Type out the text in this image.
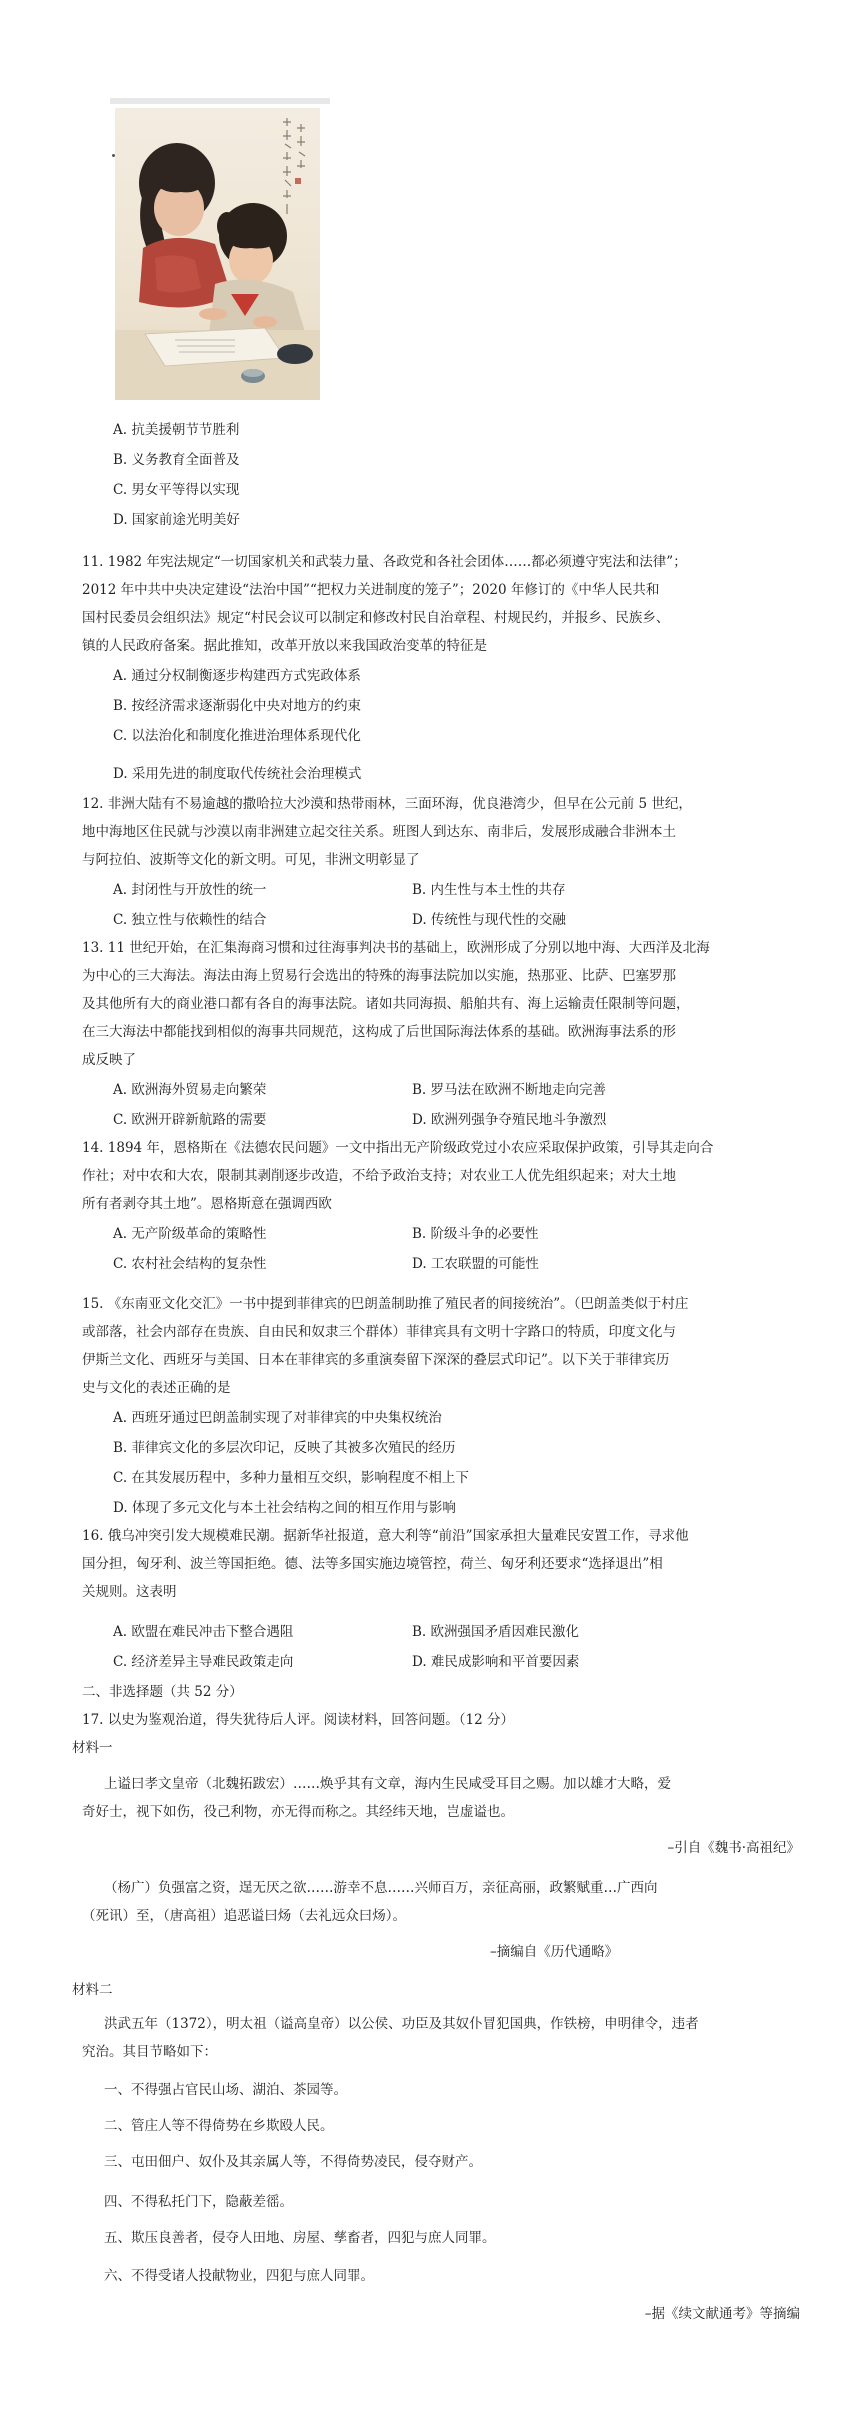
A. 抗美援朝节节胜利
B. 义务教育全面普及
C. 男女平等得以实现
D. 国家前途光明美好
11. 1982 年宪法规定“一切国家机关和武装力量、各政党和各社会团体……都必须遵守宪法和法律”；
2012 年中共中央决定建设“法治中国”“把权力关进制度的笼子”；2020 年修订的《中华人民共和
国村民委员会组织法》规定“村民会议可以制定和修改村民自治章程、村规民约，并报乡、民族乡、
镇的人民政府备案。据此推知，改革开放以来我国政治变革的特征是
A. 通过分权制衡逐步构建西方式宪政体系
B. 按经济需求逐渐弱化中央对地方的约束
C. 以法治化和制度化推进治理体系现代化
D. 采用先进的制度取代传统社会治理模式
12. 非洲大陆有不易逾越的撒哈拉大沙漠和热带雨林，三面环海，优良港湾少，但早在公元前 5 世纪，
地中海地区住民就与沙漠以南非洲建立起交往关系。班图人到达东、南非后，发展形成融合非洲本土
与阿拉伯、波斯等文化的新文明。可见，非洲文明彰显了
A. 封闭性与开放性的统一	B. 内生性与本土性的共存
C. 独立性与依赖性的结合	D. 传统性与现代性的交融
13. 11 世纪开始，在汇集海商习惯和过往海事判决书的基础上，欧洲形成了分别以地中海、大西洋及北海
为中心的三大海法。海法由海上贸易行会选出的特殊的海事法院加以实施，热那亚、比萨、巴塞罗那
及其他所有大的商业港口都有各自的海事法院。诸如共同海损、船舶共有、海上运输责任限制等问题，
在三大海法中都能找到相似的海事共同规范，这构成了后世国际海法体系的基础。欧洲海事法系的形
成反映了
A. 欧洲海外贸易走向繁荣	B. 罗马法在欧洲不断地走向完善
C. 欧洲开辟新航路的需要	D. 欧洲列强争夺殖民地斗争激烈
14. 1894 年，恩格斯在《法德农民问题》一文中指出无产阶级政党过小农应采取保护政策，引导其走向合
作社；对中农和大农，限制其剥削逐步改造，不给予政治支持；对农业工人优先组织起来；对大土地
所有者剥夺其土地”。恩格斯意在强调西欧
A. 无产阶级革命的策略性	B. 阶级斗争的必要性
C. 农村社会结构的复杂性	D. 工农联盟的可能性
15. 《东南亚文化交汇》一书中提到菲律宾的巴朗盖制助推了殖民者的间接统治”。（巴朗盖类似于村庄
或部落，社会内部存在贵族、自由民和奴隶三个群体）菲律宾具有文明十字路口的特质，印度文化与
伊斯兰文化、西班牙与美国、日本在菲律宾的多重演奏留下深深的叠层式印记”。以下关于菲律宾历
史与文化的表述正确的是
A. 西班牙通过巴朗盖制实现了对菲律宾的中央集权统治
B. 菲律宾文化的多层次印记，反映了其被多次殖民的经历
C. 在其发展历程中，多种力量相互交织，影响程度不相上下
D. 体现了多元文化与本土社会结构之间的相互作用与影响
16. 俄乌冲突引发大规模难民潮。据新华社报道，意大利等“前沿”国家承担大量难民安置工作，寻求他
国分担，匈牙利、波兰等国拒绝。德、法等多国实施边境管控，荷兰、匈牙利还要求“选择退出”相
关规则。这表明
A. 欧盟在难民冲击下整合遇阻	B. 欧洲强国矛盾因难民激化
C. 经济差异主导难民政策走向	D. 难民成影响和平首要因素
二、非选择题（共 52 分）
17. 以史为鉴观治道，得失犹待后人评。阅读材料，回答问题。（12 分）
材料一
上谥曰孝文皇帝（北魏拓跋宏）……焕乎其有文章，海内生民咸受耳目之赐。加以雄才大略，爱
奇好士，视下如伤，役己利物，亦无得而称之。其经纬天地，岂虚谥也。
–引自《魏书·高祖纪》
（杨广）负强富之资，逞无厌之欲……游幸不息……兴师百万，亲征高丽，政繁赋重…广西向
（死讯）至，（唐高祖）追恶谥曰炀（去礼远众曰炀）。
–摘编自《历代通略》
材料二
洪武五年（1372），明太祖（谥高皇帝）以公侯、功臣及其奴仆冒犯国典，作铁榜，申明律令，违者
究治。其目节略如下：
一、不得强占官民山场、湖泊、茶园等。
二、管庄人等不得倚势在乡欺殴人民。
三、屯田佃户、奴仆及其亲属人等，不得倚势凌民，侵夺财产。
四、不得私托门下，隐蔽差徭。
五、欺压良善者，侵夺人田地、房屋、孳畜者，四犯与庶人同罪。
六、不得受诸人投献物业，四犯与庶人同罪。
–据《续文献通考》等摘编
